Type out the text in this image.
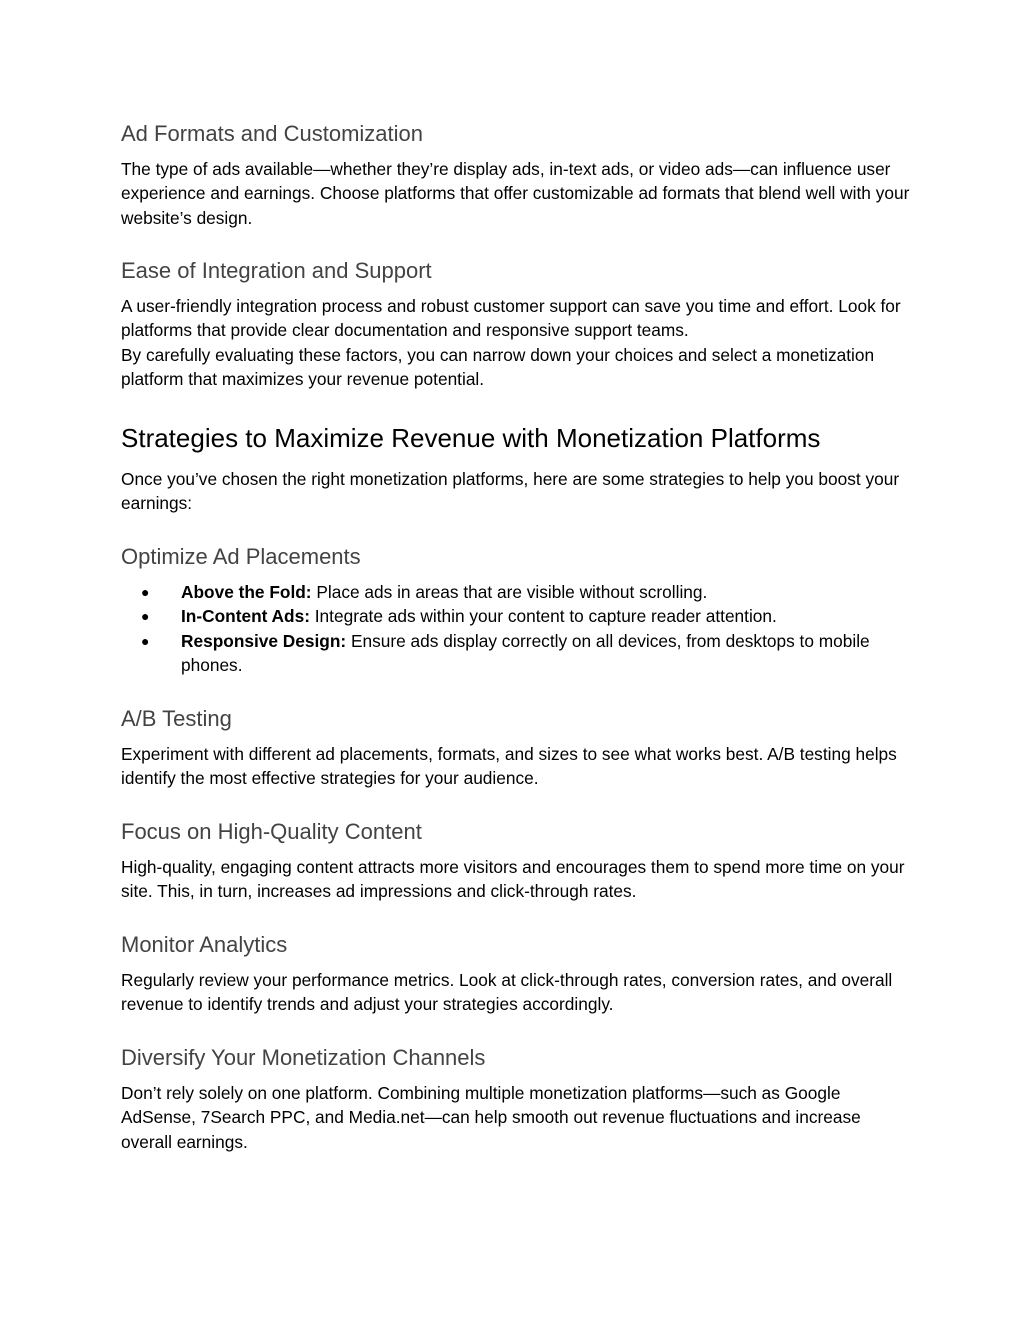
Ad Formats and Customization

The type of ads available—whether they’re display ads, in-text ads, or video ads—can influence user experience and earnings. Choose platforms that offer customizable ad formats that blend well with your website’s design.

Ease of Integration and Support

A user-friendly integration process and robust customer support can save you time and effort. Look for platforms that provide clear documentation and responsive support teams.

By carefully evaluating these factors, you can narrow down your choices and select a monetization platform that maximizes your revenue potential.

Strategies to Maximize Revenue with Monetization Platforms

Once you’ve chosen the right monetization platforms, here are some strategies to help you boost your earnings:

Optimize Ad Placements
● Above the Fold: Place ads in areas that are visible without scrolling.
● In-Content Ads: Integrate ads within your content to capture reader attention.
● Responsive Design: Ensure ads display correctly on all devices, from desktops to mobile phones.
A/B Testing

Experiment with different ad placements, formats, and sizes to see what works best. A/B testing helps identify the most effective strategies for your audience.

Focus on High-Quality Content

High-quality, engaging content attracts more visitors and encourages them to spend more time on your site. This, in turn, increases ad impressions and click-through rates.

Monitor Analytics

Regularly review your performance metrics. Look at click-through rates, conversion rates, and overall revenue to identify trends and adjust your strategies accordingly.

Diversify Your Monetization Channels

Don’t rely solely on one platform. Combining multiple monetization platforms—such as Google AdSense, 7Search PPC, and Media.net—can help smooth out revenue fluctuations and increase overall earnings.
